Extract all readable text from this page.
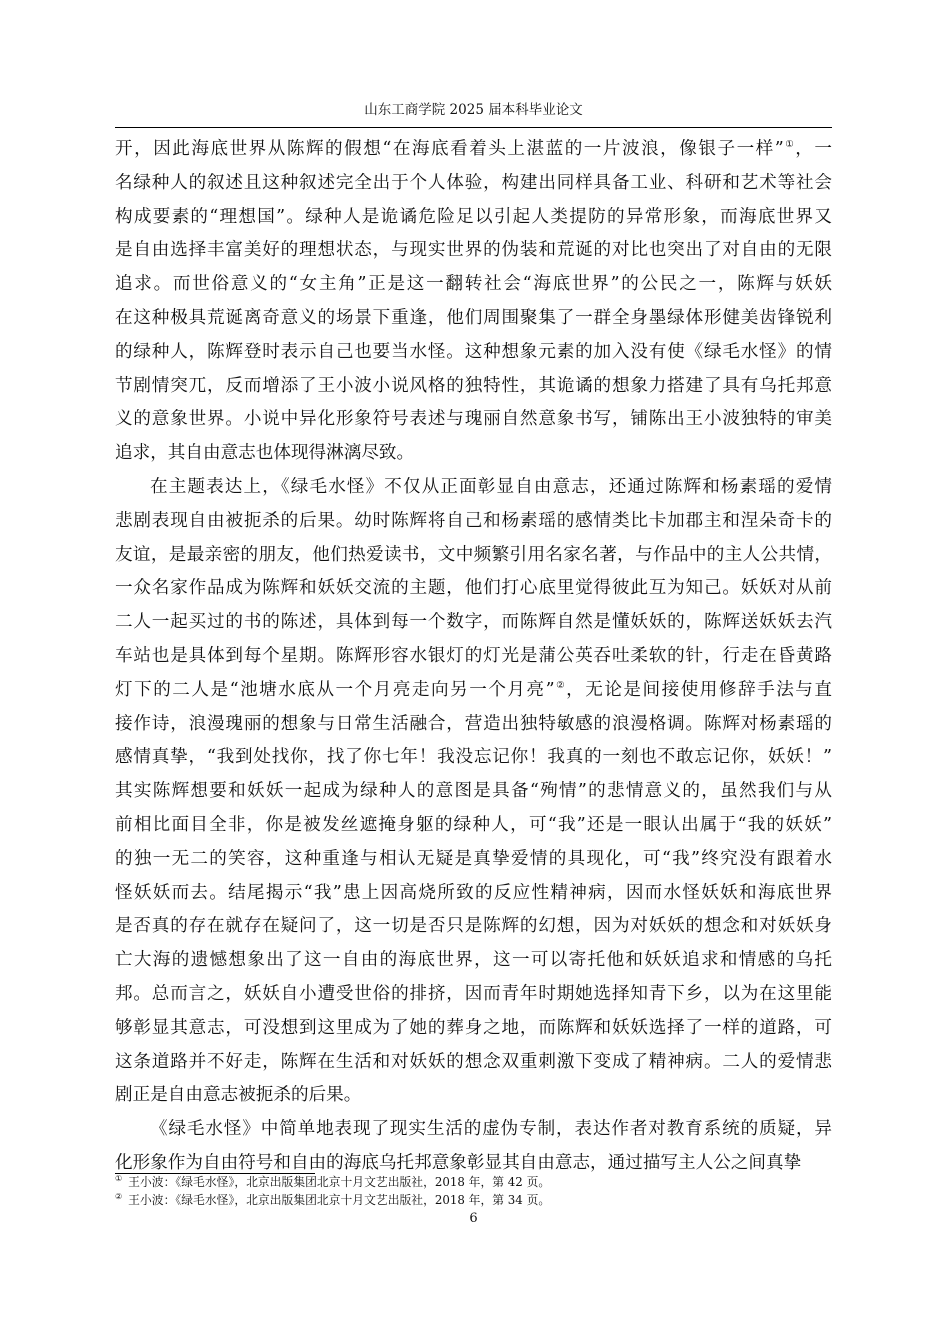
山东工商学院 2025 届本科毕业论文
开，因此海底世界从陈辉的假想“在海底看着头上湛蓝的一片波浪，像银子一样”①，一
名绿种人的叙述且这种叙述完全出于个人体验，构建出同样具备工业、科研和艺术等社会
构成要素的“理想国”。绿种人是诡谲危险足以引起人类提防的异常形象，而海底世界又
是自由选择丰富美好的理想状态，与现实世界的伪装和荒诞的对比也突出了对自由的无限
追求。而世俗意义的“女主角”正是这一翻转社会“海底世界”的公民之一，陈辉与妖妖
在这种极具荒诞离奇意义的场景下重逢，他们周围聚集了一群全身墨绿体形健美齿锋锐利
的绿种人，陈辉登时表示自己也要当水怪。这种想象元素的加入没有使《绿毛水怪》的情
节剧情突兀，反而增添了王小波小说风格的独特性，其诡谲的想象力搭建了具有乌托邦意
义的意象世界。小说中异化形象符号表述与瑰丽自然意象书写，铺陈出王小波独特的审美
追求，其自由意志也体现得淋漓尽致。
在主题表达上，《绿毛水怪》不仅从正面彰显自由意志，还通过陈辉和杨素瑶的爱情
悲剧表现自由被扼杀的后果。幼时陈辉将自己和杨素瑶的感情类比卡加郡主和涅朵奇卡的
友谊，是最亲密的朋友，他们热爱读书，文中频繁引用名家名著，与作品中的主人公共情，
一众名家作品成为陈辉和妖妖交流的主题，他们打心底里觉得彼此互为知己。妖妖对从前
二人一起买过的书的陈述，具体到每一个数字，而陈辉自然是懂妖妖的，陈辉送妖妖去汽
车站也是具体到每个星期。陈辉形容水银灯的灯光是蒲公英吞吐柔软的针，行走在昏黄路
灯下的二人是“池塘水底从一个月亮走向另一个月亮”②，无论是间接使用修辞手法与直
接作诗，浪漫瑰丽的想象与日常生活融合，营造出独特敏感的浪漫格调。陈辉对杨素瑶的
感情真挚，“我到处找你，找了你七年！我没忘记你！我真的一刻也不敢忘记你，妖妖！”
其实陈辉想要和妖妖一起成为绿种人的意图是具备“殉情”的悲情意义的，虽然我们与从
前相比面目全非，你是被发丝遮掩身躯的绿种人，可“我”还是一眼认出属于“我的妖妖”
的独一无二的笑容，这种重逢与相认无疑是真挚爱情的具现化，可“我”终究没有跟着水
怪妖妖而去。结尾揭示“我”患上因高烧所致的反应性精神病，因而水怪妖妖和海底世界
是否真的存在就存在疑问了，这一切是否只是陈辉的幻想，因为对妖妖的想念和对妖妖身
亡大海的遗憾想象出了这一自由的海底世界，这一可以寄托他和妖妖追求和情感的乌托
邦。总而言之，妖妖自小遭受世俗的排挤，因而青年时期她选择知青下乡，以为在这里能
够彰显其意志，可没想到这里成为了她的葬身之地，而陈辉和妖妖选择了一样的道路，可
这条道路并不好走，陈辉在生活和对妖妖的想念双重刺激下变成了精神病。二人的爱情悲
剧正是自由意志被扼杀的后果。
《绿毛水怪》中简单地表现了现实生活的虚伪专制，表达作者对教育系统的质疑，异
化形象作为自由符号和自由的海底乌托邦意象彰显其自由意志，通过描写主人公之间真挚
① 王小波：《绿毛水怪》，北京出版集团北京十月文艺出版社，2018 年，第 42 页。
② 王小波：《绿毛水怪》，北京出版集团北京十月文艺出版社，2018 年，第 34 页。
6
